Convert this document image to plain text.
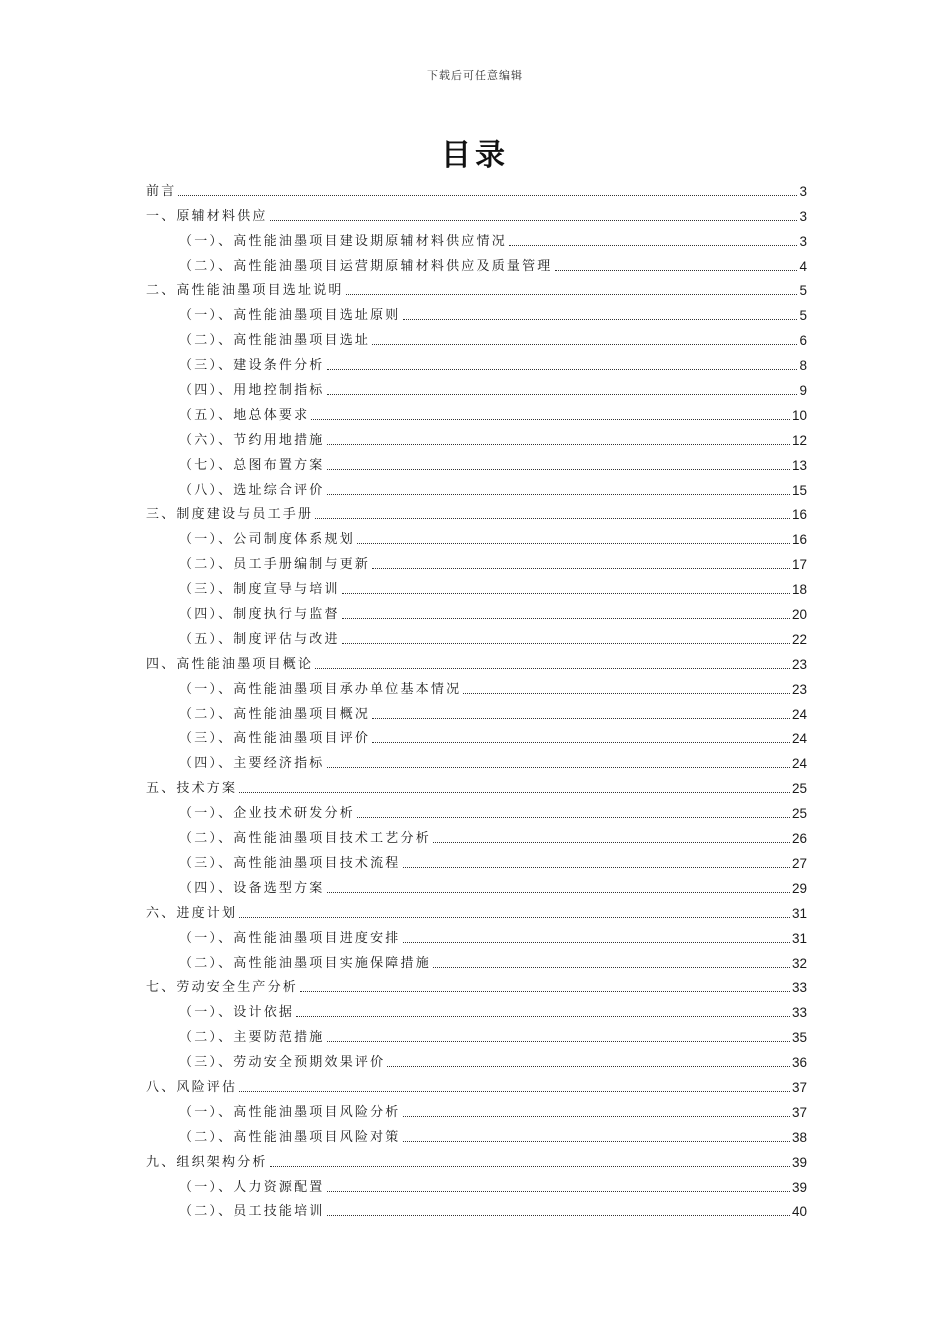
下载后可任意编辑
目录
前言	3
一、原辅材料供应	3
（一）、高性能油墨项目建设期原辅材料供应情况	3
（二）、高性能油墨项目运营期原辅材料供应及质量管理	4
二、高性能油墨项目选址说明	5
（一）、高性能油墨项目选址原则	5
（二）、高性能油墨项目选址	6
（三）、建设条件分析	8
（四）、用地控制指标	9
（五）、地总体要求	10
（六）、节约用地措施	12
（七）、总图布置方案	13
（八）、选址综合评价	15
三、制度建设与员工手册	16
（一）、公司制度体系规划	16
（二）、员工手册编制与更新	17
（三）、制度宣导与培训	18
（四）、制度执行与监督	20
（五）、制度评估与改进	22
四、高性能油墨项目概论	23
（一）、高性能油墨项目承办单位基本情况	23
（二）、高性能油墨项目概况	24
（三）、高性能油墨项目评价	24
（四）、主要经济指标	24
五、技术方案	25
（一）、企业技术研发分析	25
（二）、高性能油墨项目技术工艺分析	26
（三）、高性能油墨项目技术流程	27
（四）、设备选型方案	29
六、进度计划	31
（一）、高性能油墨项目进度安排	31
（二）、高性能油墨项目实施保障措施	32
七、劳动安全生产分析	33
（一）、设计依据	33
（二）、主要防范措施	35
（三）、劳动安全预期效果评价	36
八、风险评估	37
（一）、高性能油墨项目风险分析	37
（二）、高性能油墨项目风险对策	38
九、组织架构分析	39
（一）、人力资源配置	39
（二）、员工技能培训	40
